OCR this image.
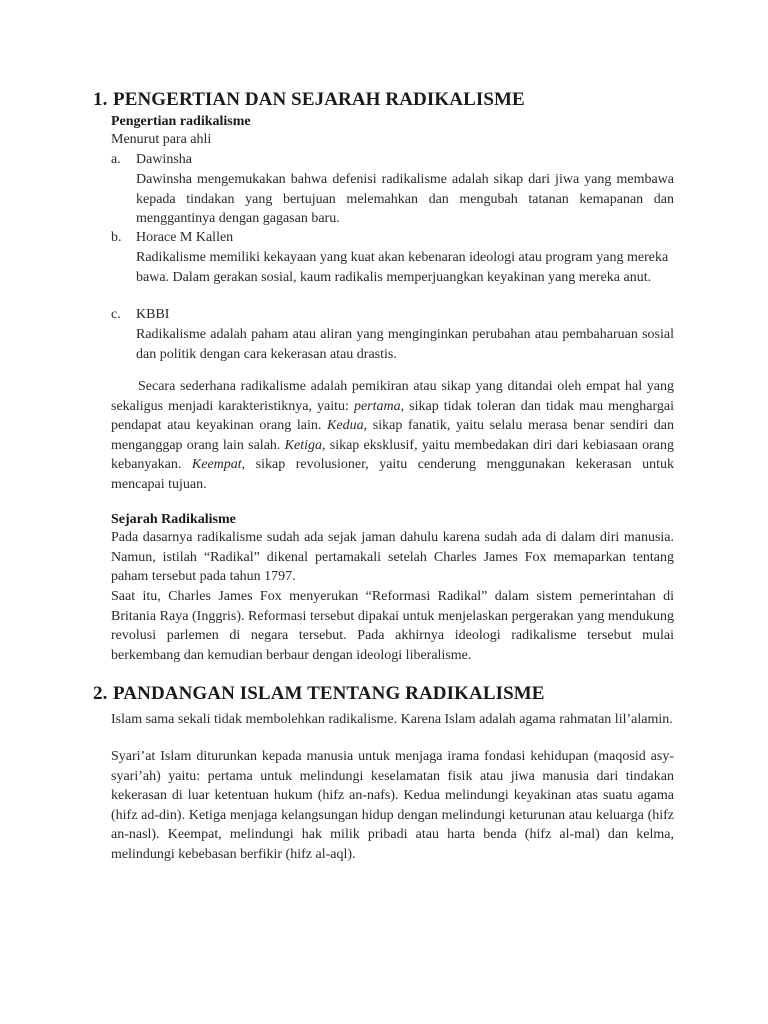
1. PENGERTIAN DAN SEJARAH RADIKALISME

Pengertian radikalisme

Menurut para ahli

a. Dawinsha

Dawinsha mengemukakan bahwa defenisi radikalisme adalah sikap dari jiwa yang membawa kepada tindakan yang bertujuan melemahkan dan mengubah tatanan kemapanan dan menggantinya dengan gagasan baru.

b. Horace M Kallen

Radikalisme memiliki kekayaan yang kuat akan kebenaran ideologi atau program yang mereka bawa. Dalam gerakan sosial, kaum radikalis memperjuangkan keyakinan yang mereka anut.

c. KBBI

Radikalisme adalah paham atau aliran yang menginginkan perubahan atau pembaharuan sosial dan politik dengan cara kekerasan atau drastis.

Secara sederhana radikalisme adalah pemikiran atau sikap yang ditandai oleh empat hal yang sekaligus menjadi karakteristiknya, yaitu: pertama, sikap tidak toleran dan tidak mau menghargai pendapat atau keyakinan orang lain. Kedua, sikap fanatik, yaitu selalu merasa benar sendiri dan menganggap orang lain salah. Ketiga, sikap eksklusif, yaitu membedakan diri dari kebiasaan orang kebanyakan. Keempat, sikap revolusioner, yaitu cenderung menggunakan kekerasan untuk mencapai tujuan.

Sejarah Radikalisme

Pada dasarnya radikalisme sudah ada sejak jaman dahulu karena sudah ada di dalam diri manusia. Namun, istilah “Radikal” dikenal pertamakali setelah Charles James Fox memaparkan tentang paham tersebut pada tahun 1797.

Saat itu, Charles James Fox menyerukan “Reformasi Radikal” dalam sistem pemerintahan di Britania Raya (Inggris). Reformasi tersebut dipakai untuk menjelaskan pergerakan yang mendukung revolusi parlemen di negara tersebut. Pada akhirnya ideologi radikalisme tersebut mulai berkembang dan kemudian berbaur dengan ideologi liberalisme.

2. PANDANGAN ISLAM TENTANG RADIKALISME

Islam sama sekali tidak membolehkan radikalisme. Karena Islam adalah agama rahmatan lil’alamin.

Syari’at Islam diturunkan kepada manusia untuk menjaga irama fondasi kehidupan (maqosid asy-syari’ah) yaitu: pertama untuk melindungi keselamatan fisik atau jiwa manusia dari tindakan kekerasan di luar ketentuan hukum (hifz an-nafs). Kedua melindungi keyakinan atas suatu agama (hifz ad-din). Ketiga menjaga kelangsungan hidup dengan melindungi keturunan atau keluarga (hifz an-nasl). Keempat, melindungi hak milik pribadi atau harta benda (hifz al-mal) dan kelma, melindungi kebebasan berfikir (hifz al-aql).
